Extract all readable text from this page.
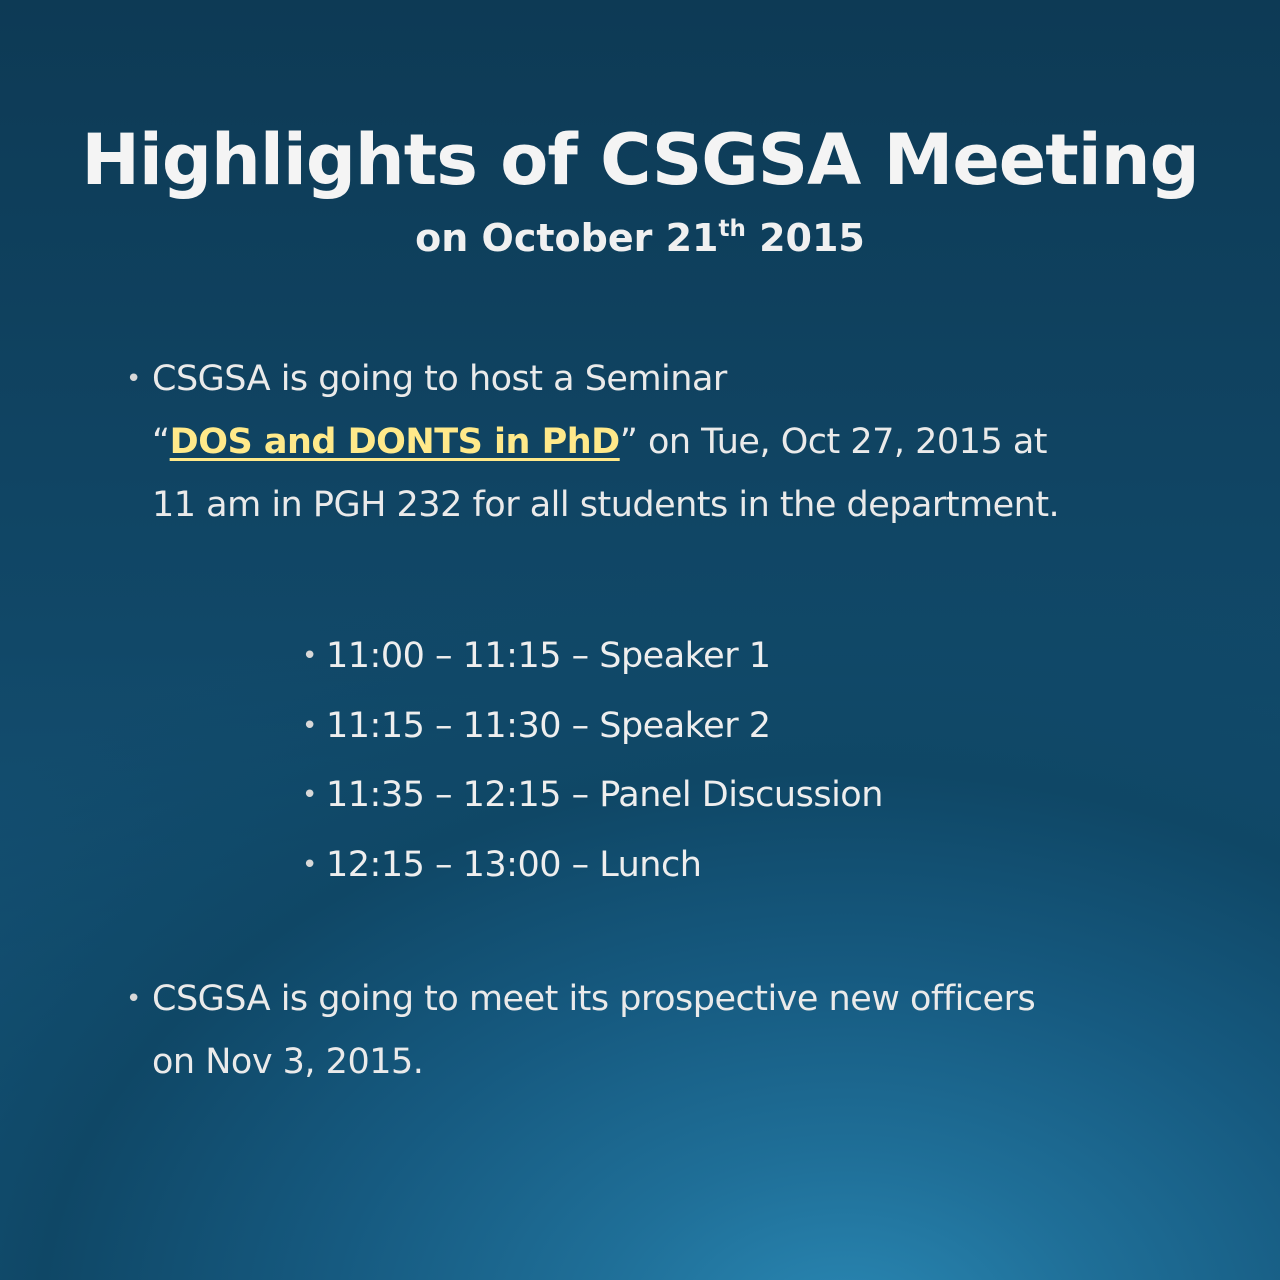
Highlights of CSGSA Meeting
on October 21th 2015
• CSGSA is going to host a Seminar
“DOS and DONTS in PhD” on Tue, Oct 27, 2015 at
11 am in PGH 232 for all students in the department.
• 11:00 – 11:15 – Speaker 1
• 11:15 – 11:30 – Speaker 2
• 11:35 – 12:15 – Panel Discussion
• 12:15 – 13:00 – Lunch
• CSGSA is going to meet its prospective new officers
on Nov 3, 2015.
